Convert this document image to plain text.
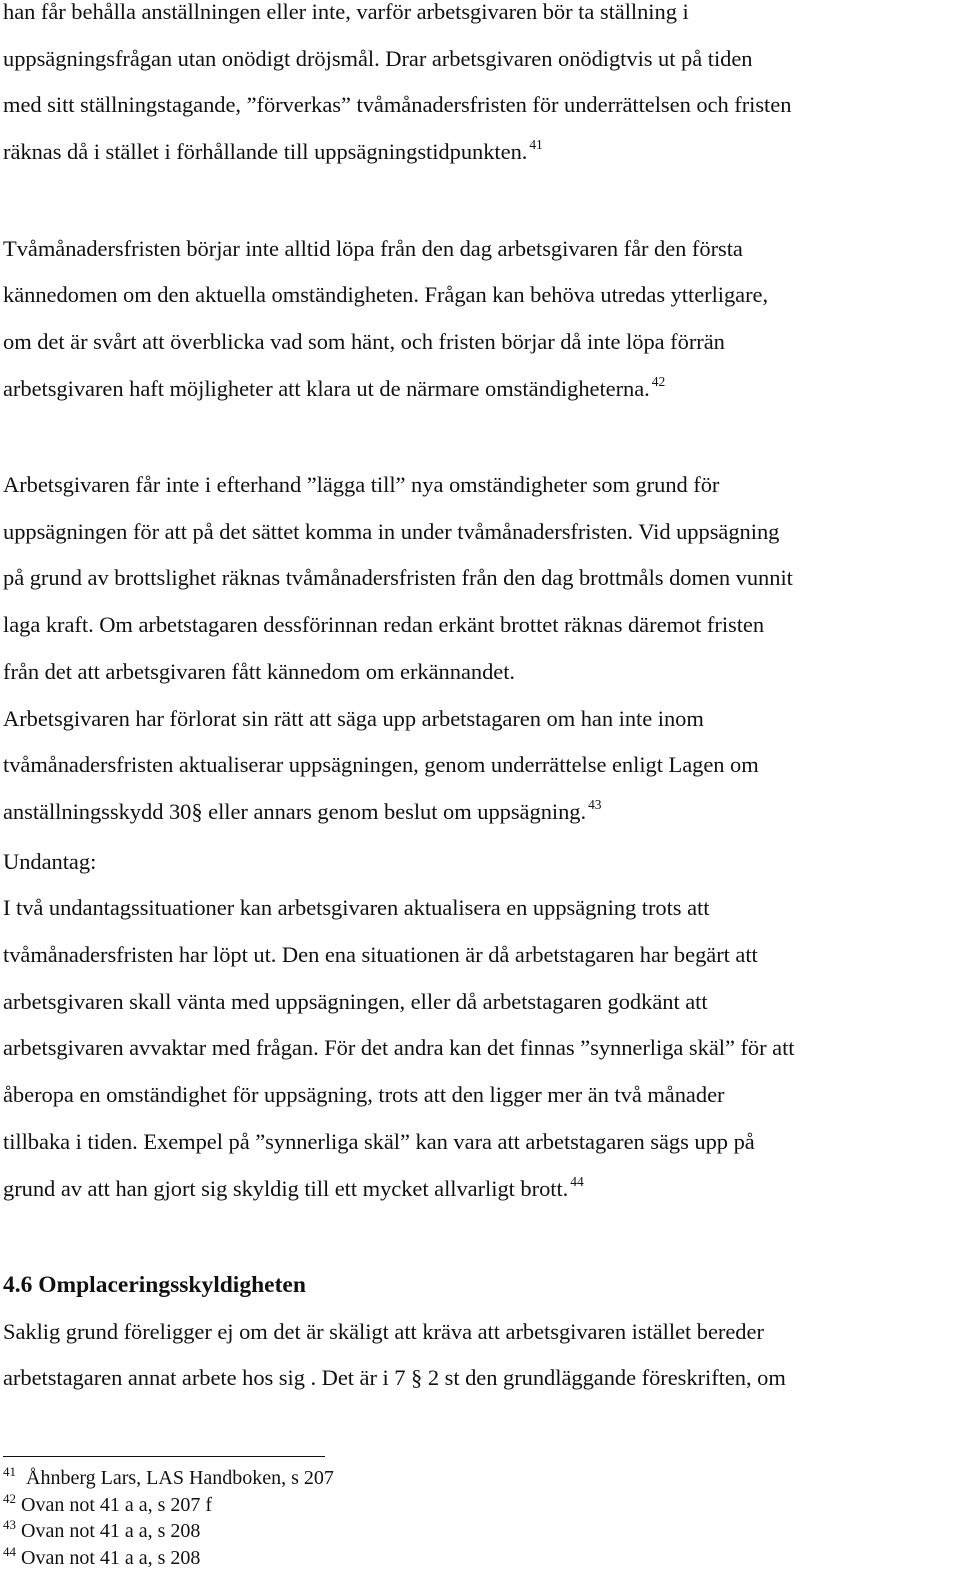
han får behålla anställningen eller inte, varför arbetsgivaren bör ta ställning i
uppsägningsfrågan utan onödigt dröjsmål. Drar arbetsgivaren onödigtvis ut på tiden
med sitt ställningstagande, ”förverkas” tvåmånadersfristen för underrättelsen och fristen
räknas då i stället i förhållande till uppsägningstidpunkten. $^{41}$

Tvåmånadersfristen börjar inte alltid löpa från den dag arbetsgivaren får den första
kännedomen om den aktuella omständigheten. Frågan kan behöva utredas ytterligare,
om det är svårt att överblicka vad som hänt, och fristen börjar då inte löpa förrän
arbetsgivaren haft möjligheter att klara ut de närmare omständigheterna. $^{42}$

Arbetsgivaren får inte i efterhand ”lägga till” nya omständigheter som grund för
uppsägningen för att på det sättet komma in under tvåmånadersfristen. Vid uppsägning
på grund av brottslighet räknas tvåmånadersfristen från den dag brottmåls domen vunnit
laga kraft. Om arbetstagaren dessförinnan redan erkänt brottet räknas däremot fristen
från det att arbetsgivaren fått kännedom om erkännandet.

Arbetsgivaren har förlorat sin rätt att säga upp arbetstagaren om han inte inom
tvåmånadersfristen aktualiserar uppsägningen, genom underrättelse enligt Lagen om
anställningsskydd 30§ eller annars genom beslut om uppsägning. $^{43}$

Undantag:

I två undantagssituationer kan arbetsgivaren aktualisera en uppsägning trots att
tvåmånadersfristen har löpt ut. Den ena situationen är då arbetstagaren har begärt att
arbetsgivaren skall vänta med uppsägningen, eller då arbetstagaren godkänt att
arbetsgivaren avvaktar med frågan. För det andra kan det finnas ”synnerliga skäl” för att
åberopa en omständighet för uppsägning, trots att den ligger mer än två månader
tillbaka i tiden. Exempel på ”synnerliga skäl” kan vara att arbetstagaren sägs upp på
grund av att han gjort sig skyldig till ett mycket allvarligt brott. $^{44}$

4.6 Omplaceringsskyldigheten

Saklig grund föreligger ej om det är skäligt att kräva att arbetsgivaren istället bereder
arbetstagaren annat arbete hos sig . Det är i 7 § 2 st den grundläggande föreskriften, om

$^{41}$ Åhnberg Lars, LAS Handboken, s 207

$^{42}$ Ovan not 41 a a, s 207 f

$^{43}$ Ovan not 41 a a, s 208

$^{44}$ Ovan not 41 a a, s 208
